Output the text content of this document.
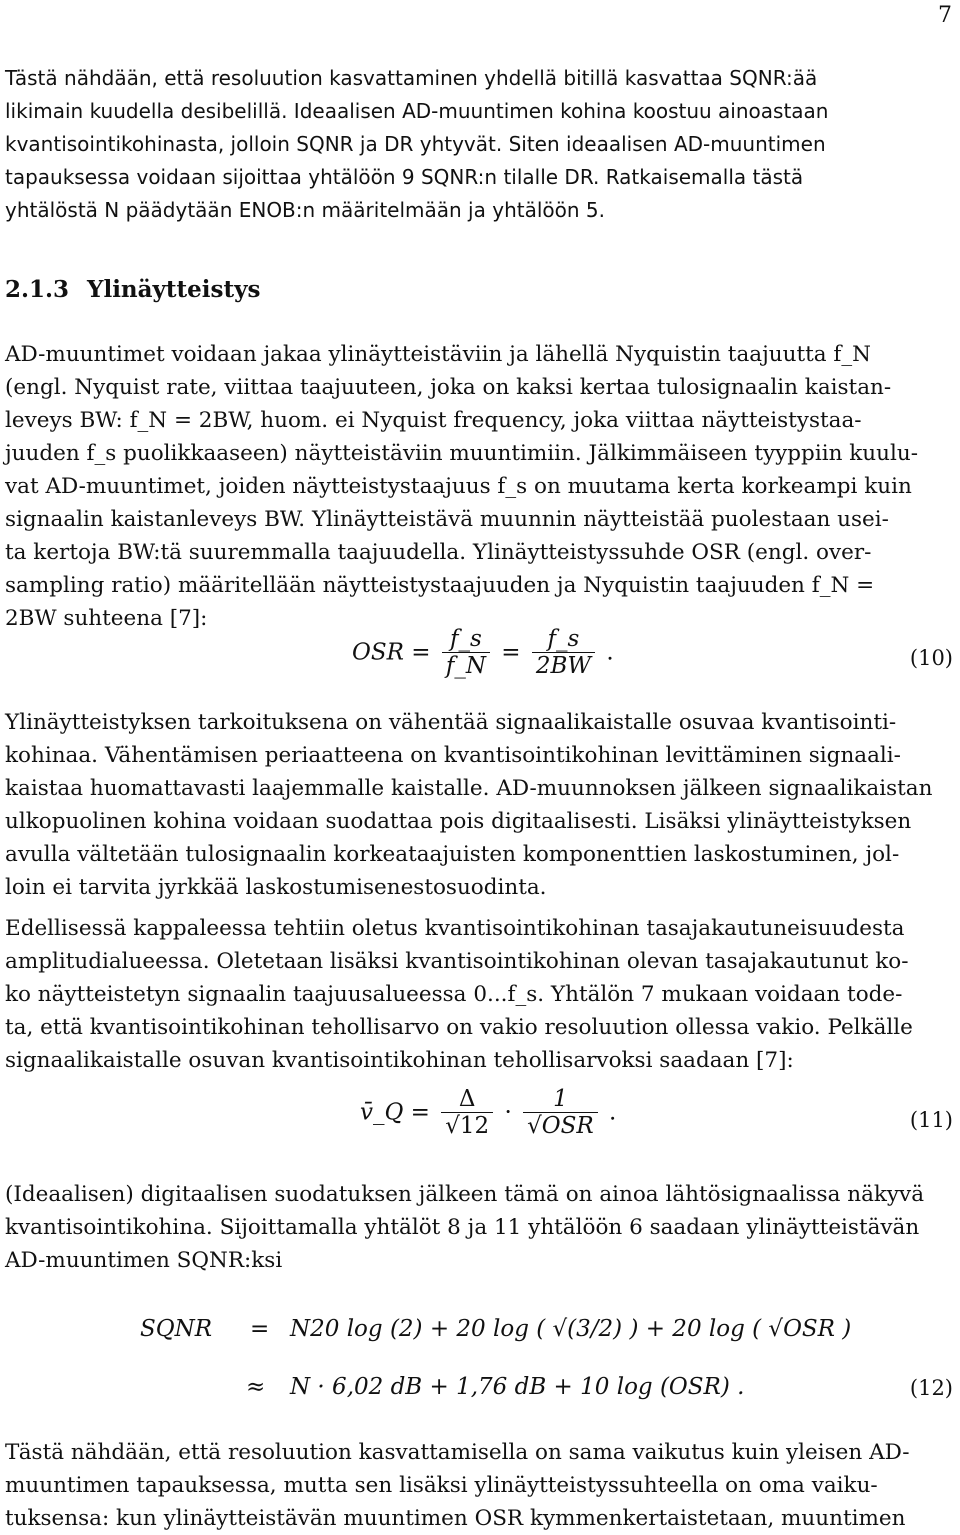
7
Tästä nähdään, että resoluution kasvattaminen yhdellä bitillä kasvattaa SQNR:ää
likimain kuudella desibelillä. Ideaalisen AD-muuntimen kohina koostuu ainoastaan
kvantisointikohinasta, jolloin SQNR ja DR yhtyvät. Siten ideaalisen AD-muuntimen
tapauksessa voidaan sijoittaa yhtälöön 9 SQNR:n tilalle DR. Ratkaisemalla tästä
yhtälöstä N päädytään ENOB:n määritelmään ja yhtälöön 5.
2.1.3 Ylinäytteistys
AD-muuntimet voidaan jakaa ylinäytteistäviin ja lähellä Nyquistin taajuutta f_N
(engl. Nyquist rate, viittaa taajuuteen, joka on kaksi kertaa tulosignaalin kaistan-
leveys BW: f_N = 2BW, huom. ei Nyquist frequency, joka viittaa näytteistystaa-
juuden f_s puolikkaaseen) näytteistäviin muuntimiin. Jälkimmäiseen tyyppiin kuulu-
vat AD-muuntimet, joiden näytteistystaajuus f_s on muutama kerta korkeampi kuin
signaalin kaistanleveys BW. Ylinäytteistävä muunnin näytteistää puolestaan usei-
ta kertoja BW:tä suuremmalla taajuudella. Ylinäytteistyssuhde OSR (engl. over-
sampling ratio) määritellään näytteistystaajuuden ja Nyquistin taajuuden f_N =
2BW suhteena [7]:
OSR = $\frac{f\_s}{f\_N} = \frac{f\_s}{2BW}$ .	(10)
Ylinäytteistyksen tarkoituksena on vähentää signaalikaistalle osuvaa kvantisointi-
kohinaa. Vähentämisen periaatteena on kvantisointikohinan levittäminen signaali-
kaistaa huomattavasti laajemmalle kaistalle. AD-muunnoksen jälkeen signaalikaistan
ulkopuolinen kohina voidaan suodattaa pois digitaalisesti. Lisäksi ylinäytteistyksen
avulla vältetään tulosignaalin korkeataajuisten komponenttien laskostuminen, jol-
loin ei tarvita jyrkkää laskostumisenestosuodinta.
Edellisessä kappaleessa tehtiin oletus kvantisointikohinan tasajakautuneisuudesta
amplitudialueessa. Oletetaan lisäksi kvantisointikohinan olevan tasajakautunut ko-
ko näytteistetyn signaalin taajuusalueessa 0...f_s. Yhtälön 7 mukaan voidaan tode-
ta, että kvantisointikohinan tehollisarvo on vakio resoluution ollessa vakio. Pelkälle
signaalikaistalle osuvan kvantisointikohinan tehollisarvoksi saadaan [7]:
v̄_Q = $\frac{\Delta}{√12} \cdot \frac{1}{\text{√OSR}}$ .	(11)
(Ideaalisen) digitaalisen suodatuksen jälkeen tämä on ainoa lähtösignaalissa näkyvä
kvantisointikohina. Sijoittamalla yhtälöt 8 ja 11 yhtälöön 6 saadaan ylinäytteistävän
AD-muuntimen SQNR:ksi
SQNR = N20 log (2) + 20 log ( √(3/2) ) + 20 log ( √OSR )
≈ N · 6,02 dB + 1,76 dB + 10 log (OSR) .	(12)
Tästä nähdään, että resoluution kasvattamisella on sama vaikutus kuin yleisen AD-
muuntimen tapauksessa, mutta sen lisäksi ylinäytteistyssuhteella on oma vaiku-
tuksensa: kun ylinäytteistävän muuntimen OSR kymmenkertaistetaan, muuntimen
